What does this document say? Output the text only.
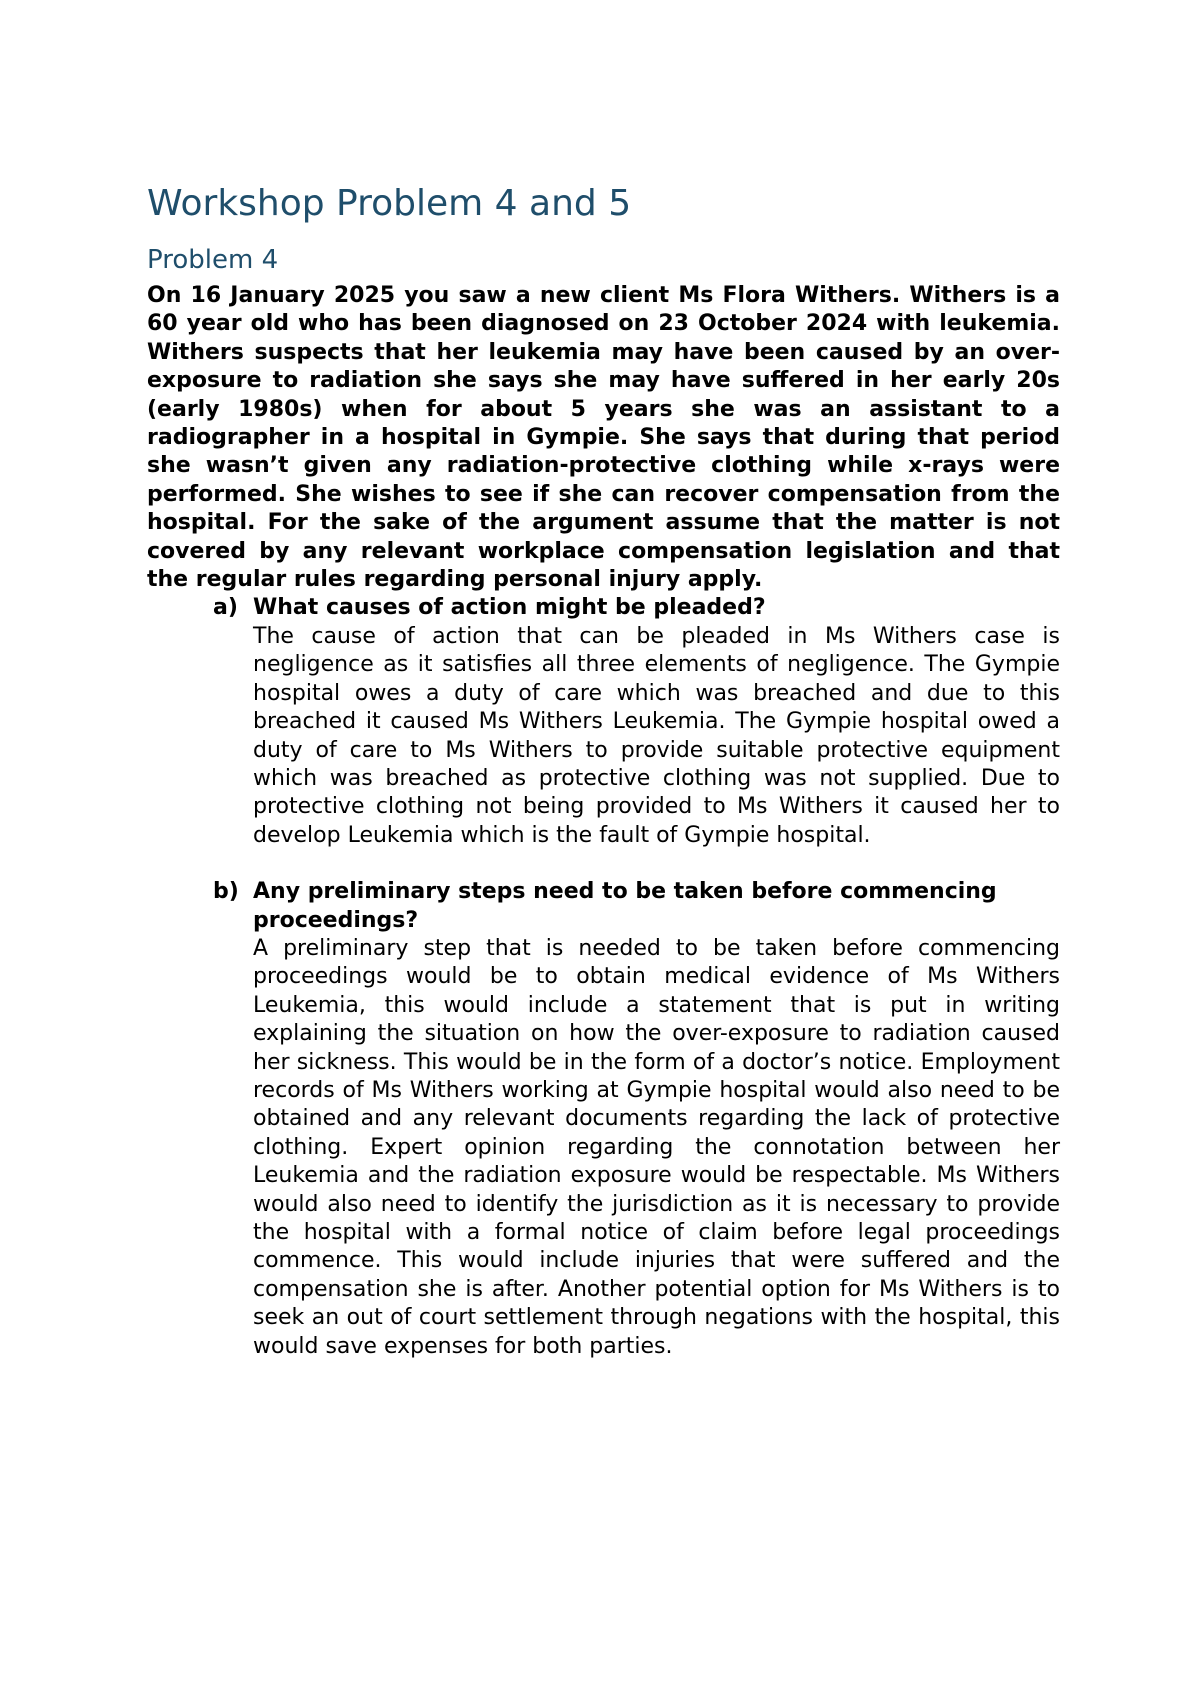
Workshop Problem 4 and 5
Problem 4

On 16 January 2025 you saw a new client Ms Flora Withers. Withers is a 60 year old who has been diagnosed on 23 October 2024 with leukemia. Withers suspects that her leukemia may have been caused by an over-exposure to radiation she says she may have suffered in her early 20s (early 1980s) when for about 5 years she was an assistant to a radiographer in a hospital in Gympie. She says that during that period she wasn’t given any radiation-protective clothing while x-rays were performed. She wishes to see if she can recover compensation from the hospital. For the sake of the argument assume that the matter is not covered by any relevant workplace compensation legislation and that the regular rules regarding personal injury apply.

a) What causes of action might be pleaded?

The cause of action that can be pleaded in Ms Withers case is negligence as it satisfies all three elements of negligence. The Gympie hospital owes a duty of care which was breached and due to this breached it caused Ms Withers Leukemia. The Gympie hospital owed a duty of care to Ms Withers to provide suitable protective equipment which was breached as protective clothing was not supplied. Due to protective clothing not being provided to Ms Withers it caused her to develop Leukemia which is the fault of Gympie hospital.

b) Any preliminary steps need to be taken before commencing proceedings?

A preliminary step that is needed to be taken before commencing proceedings would be to obtain medical evidence of Ms Withers Leukemia, this would include a statement that is put in writing explaining the situation on how the over-exposure to radiation caused her sickness. This would be in the form of a doctor’s notice. Employment records of Ms Withers working at Gympie hospital would also need to be obtained and any relevant documents regarding the lack of protective clothing. Expert opinion regarding the connotation between her Leukemia and the radiation exposure would be respectable. Ms Withers would also need to identify the jurisdiction as it is necessary to provide the hospital with a formal notice of claim before legal proceedings commence. This would include injuries that were suffered and the compensation she is after. Another potential option for Ms Withers is to seek an out of court settlement through negations with the hospital, this would save expenses for both parties.
